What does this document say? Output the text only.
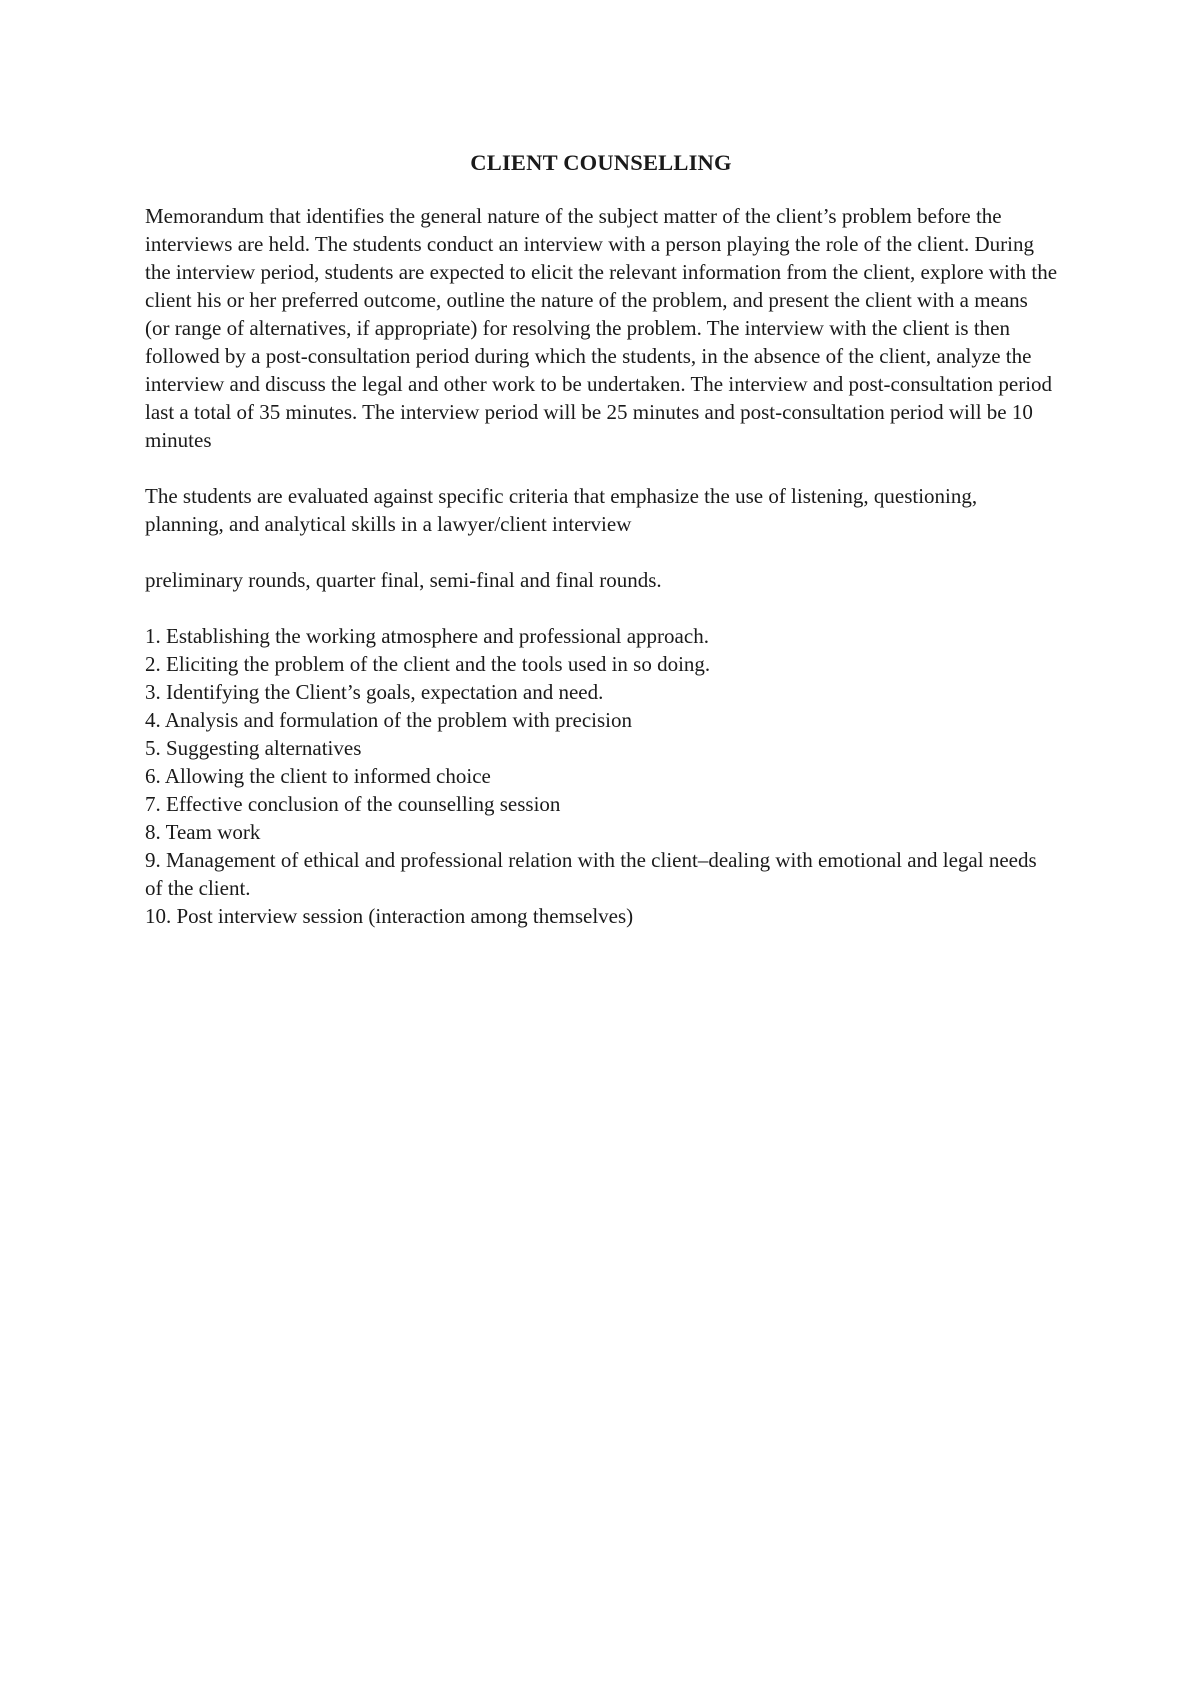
CLIENT COUNSELLING

Memorandum that identifies the general nature of the subject matter of the client’s problem before the interviews are held. The students conduct an interview with a person playing the role of the client. During the interview period, students are expected to elicit the relevant information from the client, explore with the client his or her preferred outcome, outline the nature of the problem, and present the client with a means (or range of alternatives, if appropriate) for resolving the problem. The interview with the client is then followed by a post-consultation period during which the students, in the absence of the client, analyze the interview and discuss the legal and other work to be undertaken. The interview and post-consultation period last a total of 35 minutes. The interview period will be 25 minutes and post-consultation period will be 10 minutes

The students are evaluated against specific criteria that emphasize the use of listening, questioning, planning, and analytical skills in a lawyer/client interview

preliminary rounds, quarter final, semi-final and final rounds.

1. Establishing the working atmosphere and professional approach.
2. Eliciting the problem of the client and the tools used in so doing.
3. Identifying the Client’s goals, expectation and need.
4. Analysis and formulation of the problem with precision
5. Suggesting alternatives
6. Allowing the client to informed choice
7. Effective conclusion of the counselling session
8. Team work
9. Management of ethical and professional relation with the client–dealing with emotional and legal needs of the client.
10. Post interview session (interaction among themselves)
